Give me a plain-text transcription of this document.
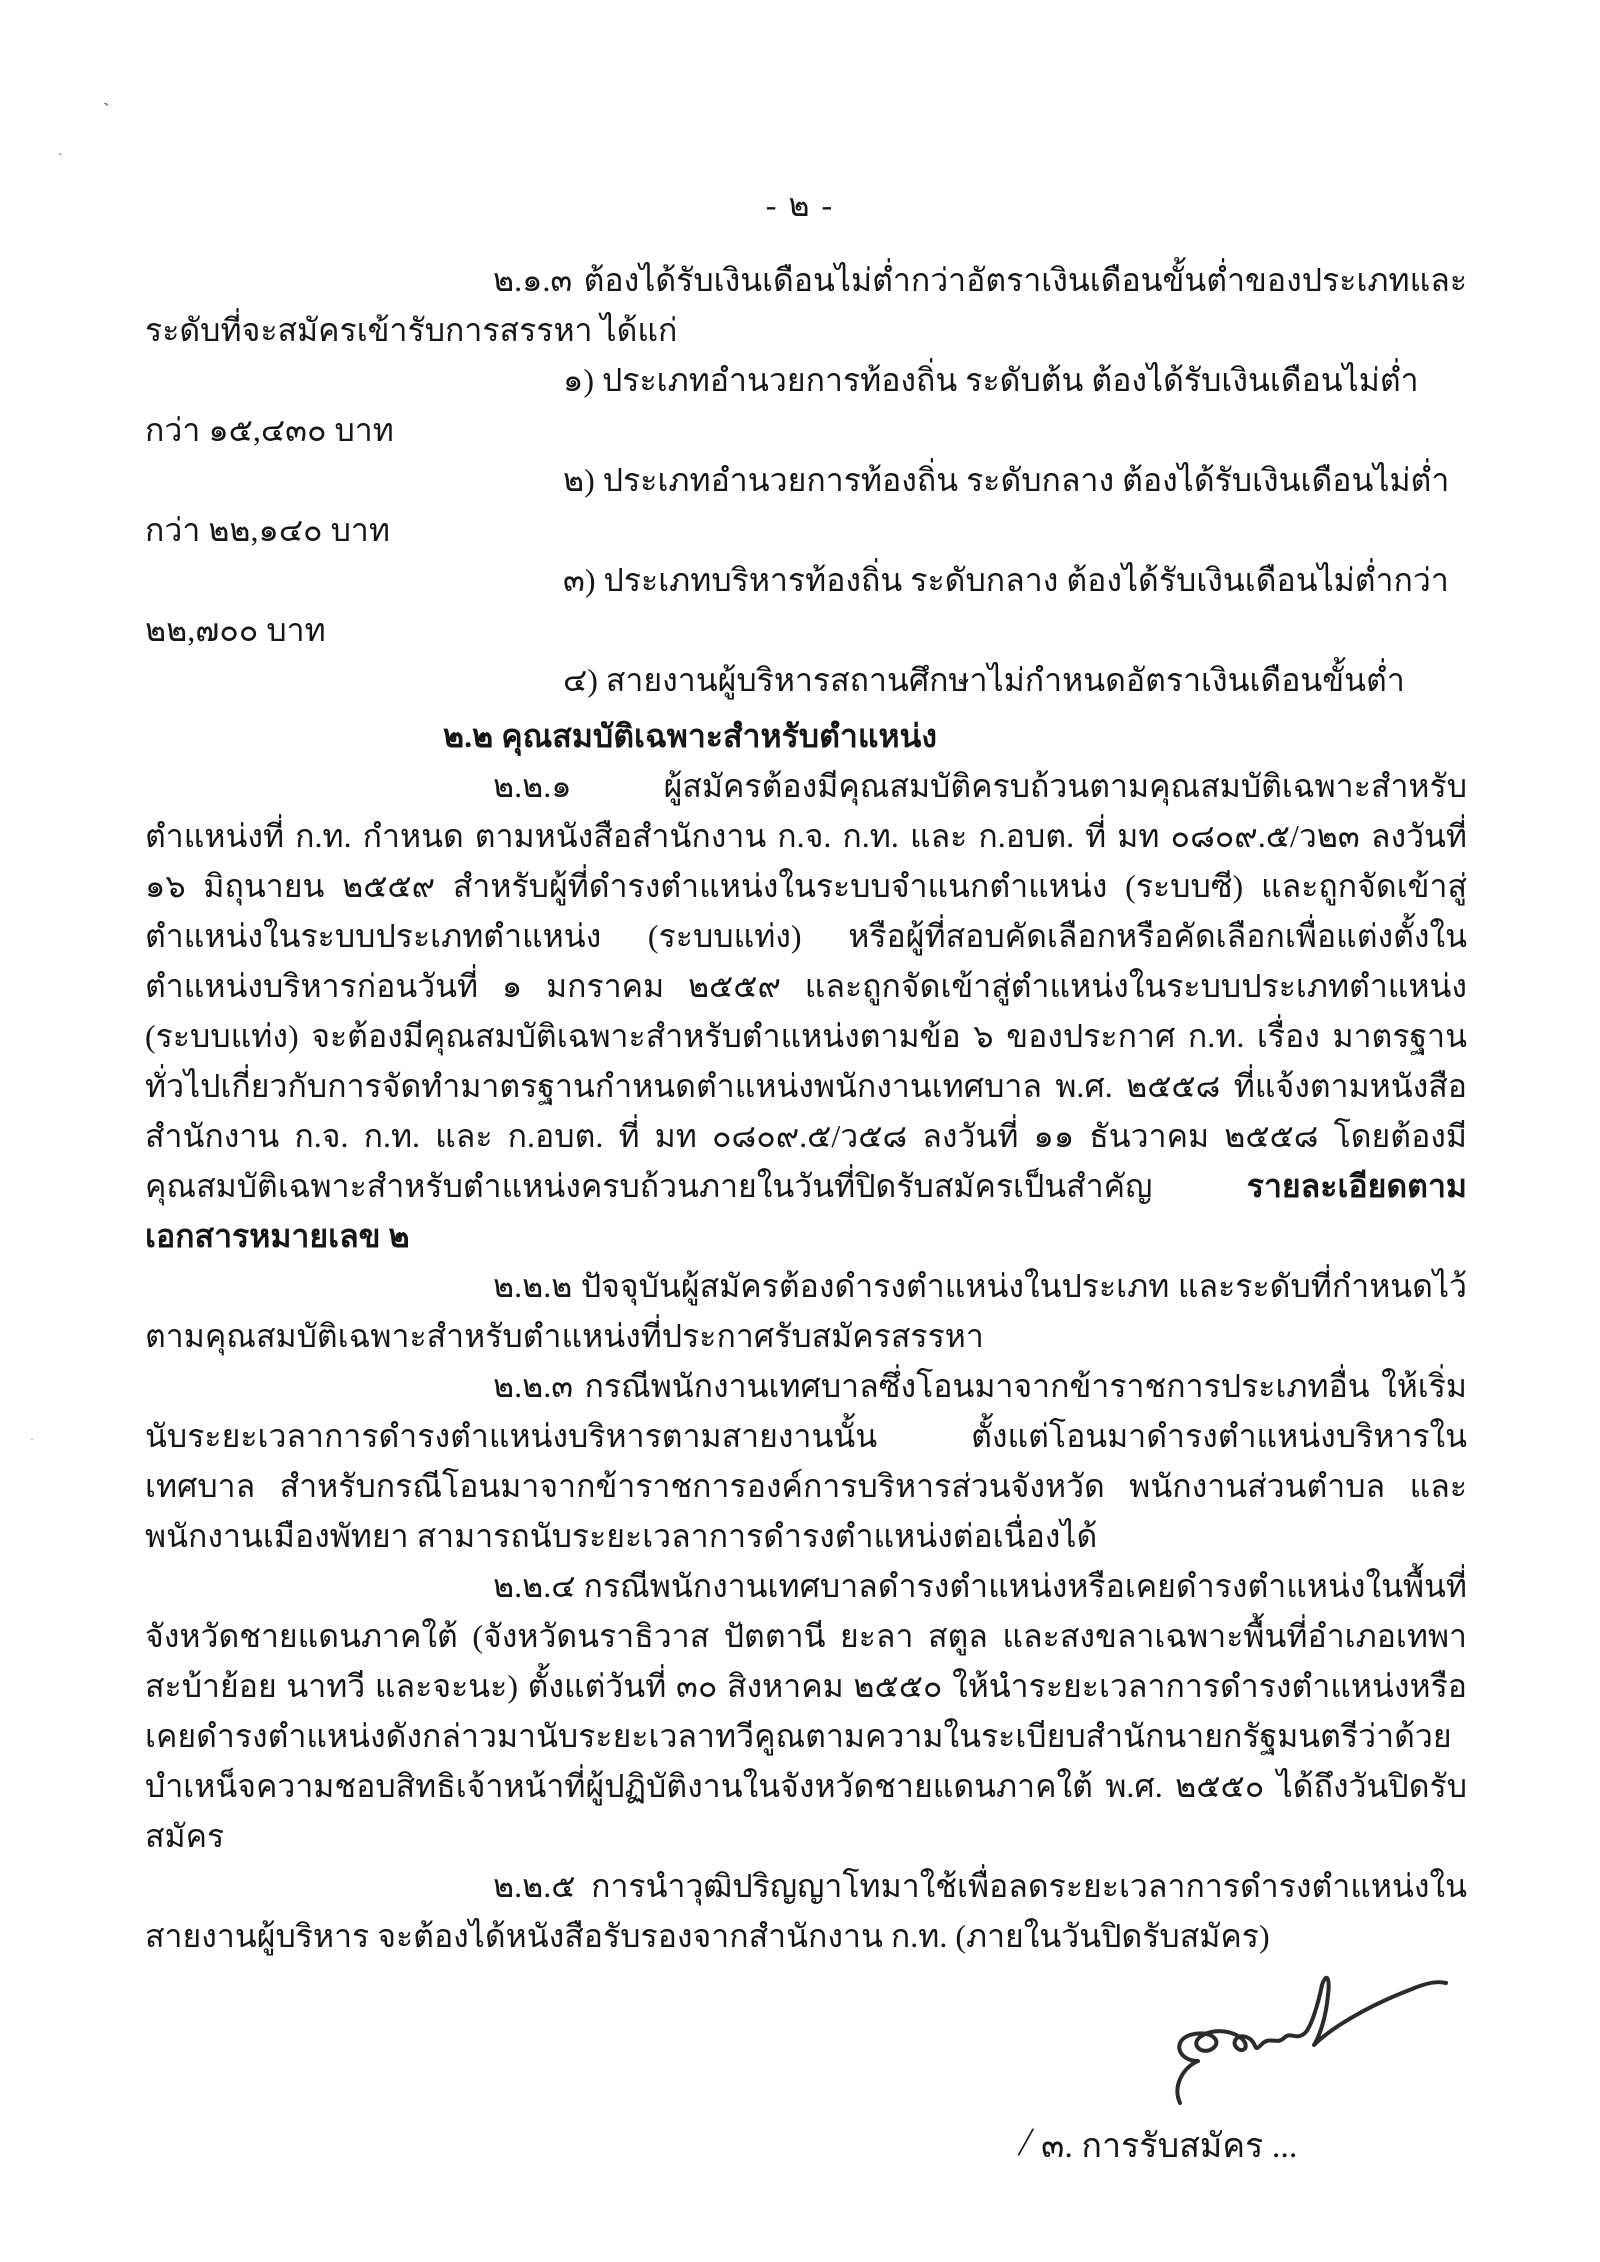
`
·
·
- ๒ -

๒.๑.๓ ต้องได้รับเงินเดือนไม่ต่ำกว่าอัตราเงินเดือนขั้นต่ำของประเภทและระดับที่จะสมัครเข้ารับการสรรหา ได้แก่

๑) ประเภทอำนวยการท้องถิ่น ระดับต้น ต้องได้รับเงินเดือนไม่ต่ำกว่า ๑๕,๔๓๐ บาท

๒) ประเภทอำนวยการท้องถิ่น ระดับกลาง ต้องได้รับเงินเดือนไม่ต่ำกว่า ๒๒,๑๔๐ บาท

๓) ประเภทบริหารท้องถิ่น ระดับกลาง ต้องได้รับเงินเดือนไม่ต่ำกว่า ๒๒,๗๐๐ บาท

๔) สายงานผู้บริหารสถานศึกษาไม่กำหนดอัตราเงินเดือนขั้นต่ำ

๒.๒ คุณสมบัติเฉพาะสำหรับตำแหน่ง

๒.๒.๑ ผู้สมัครต้องมีคุณสมบัติครบถ้วนตามคุณสมบัติเฉพาะสำหรับตำแหน่งที่ ก.ท. กำหนด ตามหนังสือสำนักงาน ก.จ. ก.ท. และ ก.อบต. ที่ มท ๐๘๐๙.๕/ว๒๓ ลงวันที่ ๑๖ มิถุนายน ๒๕๕๙ สำหรับผู้ที่ดำรงตำแหน่งในระบบจำแนกตำแหน่ง (ระบบซี) และถูกจัดเข้าสู่ตำแหน่งในระบบประเภทตำแหน่ง (ระบบแท่ง) หรือผู้ที่สอบคัดเลือกหรือคัดเลือกเพื่อแต่งตั้งในตำแหน่งบริหารก่อนวันที่ ๑ มกราคม ๒๕๕๙ และถูกจัดเข้าสู่ตำแหน่งในระบบประเภทตำแหน่ง (ระบบแท่ง) จะต้องมีคุณสมบัติเฉพาะสำหรับตำแหน่งตามข้อ ๖ ของประกาศ ก.ท. เรื่อง มาตรฐานทั่วไปเกี่ยวกับการจัดทำมาตรฐานกำหนดตำแหน่งพนักงานเทศบาล พ.ศ. ๒๕๕๘ ที่แจ้งตามหนังสือสำนักงาน ก.จ. ก.ท. และ ก.อบต. ที่ มท ๐๘๐๙.๕/ว๕๘ ลงวันที่ ๑๑ ธันวาคม ๒๕๕๘ โดยต้องมีคุณสมบัติเฉพาะสำหรับตำแหน่งครบถ้วนภายในวันที่ปิดรับสมัครเป็นสำคัญ รายละเอียดตามเอกสารหมายเลข ๒

๒.๒.๒ ปัจจุบันผู้สมัครต้องดำรงตำแหน่งในประเภท และระดับที่กำหนดไว้ตามคุณสมบัติเฉพาะสำหรับตำแหน่งที่ประกาศรับสมัครสรรหา

๒.๒.๓ กรณีพนักงานเทศบาลซึ่งโอนมาจากข้าราชการประเภทอื่น ให้เริ่มนับระยะเวลาการดำรงตำแหน่งบริหารตามสายงานนั้น ตั้งแต่โอนมาดำรงตำแหน่งบริหารในเทศบาล สำหรับกรณีโอนมาจากข้าราชการองค์การบริหารส่วนจังหวัด พนักงานส่วนตำบล และพนักงานเมืองพัทยา สามารถนับระยะเวลาการดำรงตำแหน่งต่อเนื่องได้

๒.๒.๔ กรณีพนักงานเทศบาลดำรงตำแหน่งหรือเคยดำรงตำแหน่งในพื้นที่จังหวัดชายแดนภาคใต้ (จังหวัดนราธิวาส ปัตตานี ยะลา สตูล และสงขลาเฉพาะพื้นที่อำเภอเทพา สะบ้าย้อย นาทวี และจะนะ) ตั้งแต่วันที่ ๓๐ สิงหาคม ๒๕๕๐ ให้นำระยะเวลาการดำรงตำแหน่งหรือเคยดำรงตำแหน่งดังกล่าวมานับระยะเวลาทวีคูณตามความในระเบียบสำนักนายกรัฐมนตรีว่าด้วยบำเหน็จความชอบสิทธิเจ้าหน้าที่ผู้ปฏิบัติงานในจังหวัดชายแดนภาคใต้ พ.ศ. ๒๕๕๐ ได้ถึงวันปิดรับสมัคร

๒.๒.๕ การนำวุฒิปริญญาโทมาใช้เพื่อลดระยะเวลาการดำรงตำแหน่งในสายงานผู้บริหาร จะต้องได้หนังสือรับรองจากสำนักงาน ก.ท. (ภายในวันปิดรับสมัคร)

/ ๓. การรับสมัคร ...
